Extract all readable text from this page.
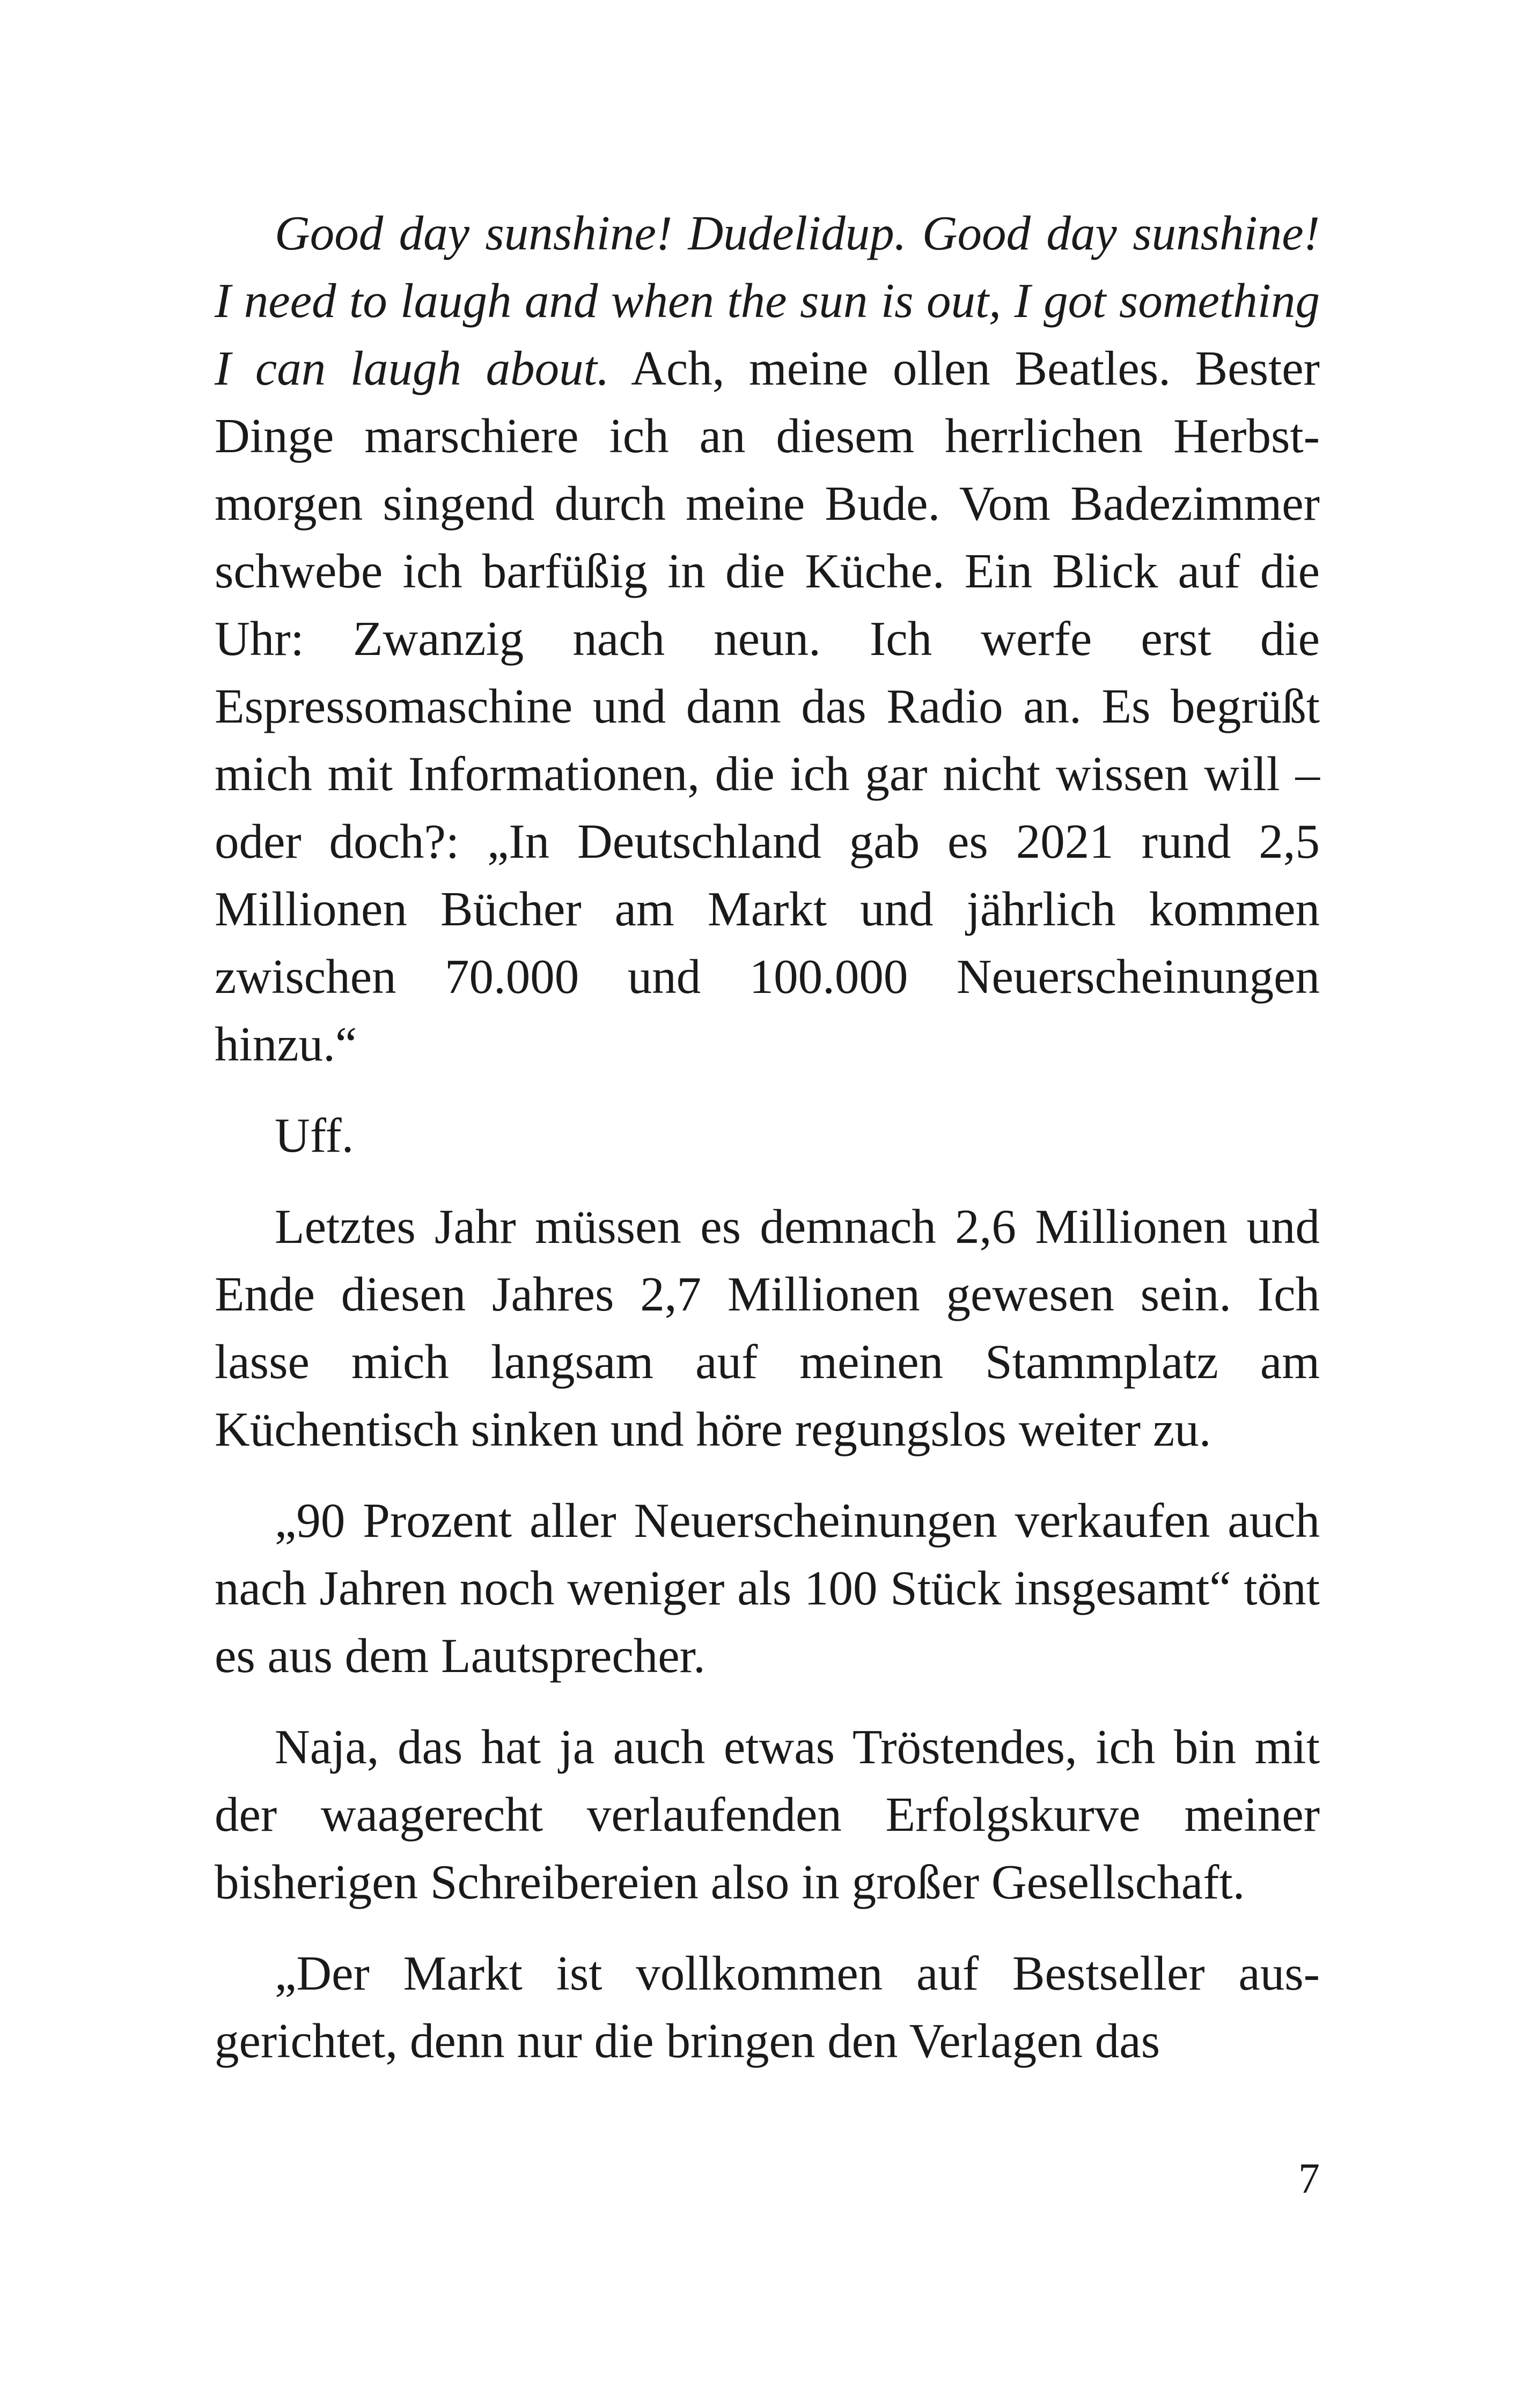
Good day sunshine! Dudelidup. Good day sunshine! I need to laugh and when the sun is out, I got something I can laugh about. Ach, meine ollen Beatles. Bester Dinge marschiere ich an diesem herrlichen Herbstmorgen singend durch meine Bude. Vom Badezimmer schwebe ich barfüßig in die Küche. Ein Blick auf die Uhr: Zwanzig nach neun. Ich werfe erst die Espressomaschine und dann das Radio an. Es begrüßt mich mit Informationen, die ich gar nicht wissen will – oder doch?: „In Deutschland gab es 2021 rund 2,5 Millionen Bücher am Markt und jährlich kommen zwischen 70.000 und 100.000 Neuerscheinungen hinzu.“

Uff.

Letztes Jahr müssen es demnach 2,6 Millionen und Ende diesen Jahres 2,7 Millionen gewesen sein. Ich lasse mich langsam auf meinen Stammplatz am Küchentisch sinken und höre regungslos weiter zu.

„90 Prozent aller Neuerscheinungen verkaufen auch nach Jahren noch weniger als 100 Stück insgesamt“ tönt es aus dem Lautsprecher.

Naja, das hat ja auch etwas Tröstendes, ich bin mit der waagerecht verlaufenden Erfolgskurve meiner bisherigen Schreibereien also in großer Gesellschaft.

„Der Markt ist vollkommen auf Bestseller ausgerichtet, denn nur die bringen den Verlagen das

7
